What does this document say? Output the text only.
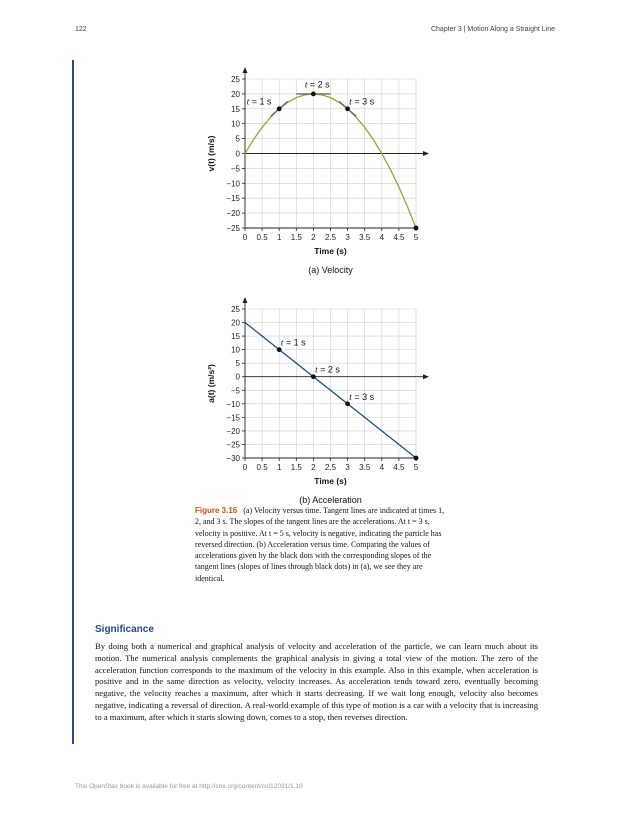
122	Chapter 3 | Motion Along a Straight Line
25
20
15
10
5
0
−5
−10
−15
−20
−25
0 0.5 1 1.5 2 2.5 3 3.5 4 4.5 5
Time (s)
v(t) (m/s)
t = 1 s
t = 2 s
t = 3 s
(a) Velocity
25
20
15
10
5
0
−5
−10
−15
−20
−25
−30
0 0.5 1 1.5 2 2.5 3 3.5 4 4.5 5
Time (s)
a(t) (m/s²)
t = 1 s
t = 2 s
t = 3 s
(b) Acceleration
Figure 3.16 (a) Velocity versus time. Tangent lines are indicated at times 1, 2, and 3 s. The slopes of the tangent lines are the accelerations. At t = 3 s, velocity is positive. At t = 5 s, velocity is negative, indicating the particle has reversed direction. (b) Acceleration versus time. Comparing the values of accelerations given by the black dots with the corresponding slopes of the tangent lines (slopes of lines through black dots) in (a), we see they are identical.
Significance
By doing both a numerical and graphical analysis of velocity and acceleration of the particle, we can learn much about its motion. The numerical analysis complements the graphical analysis in giving a total view of the motion. The zero of the acceleration function corresponds to the maximum of the velocity in this example. Also in this example, when acceleration is positive and in the same direction as velocity, velocity increases. As acceleration tends toward zero, eventually becoming negative, the velocity reaches a maximum, after which it starts decreasing. If we wait long enough, velocity also becomes negative, indicating a reversal of direction. A real-world example of this type of motion is a car with a velocity that is increasing to a maximum, after which it starts slowing down, comes to a stop, then reverses direction.
This OpenStax book is available for free at http://cnx.org/content/col12031/1.10
